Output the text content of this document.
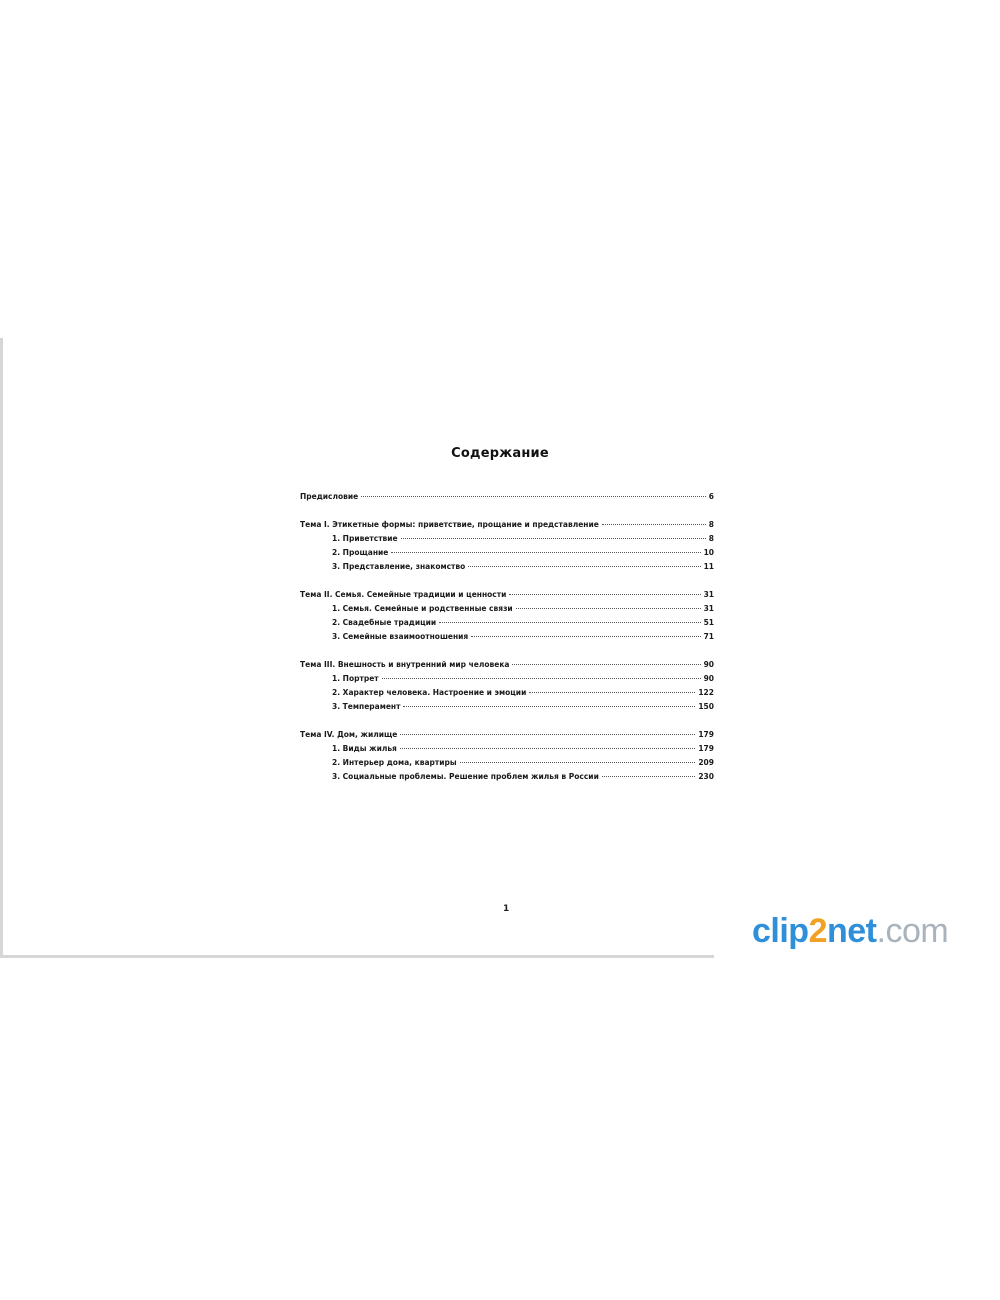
Содержание
Предисловие	6
Тема I. Этикетные формы: приветствие, прощание и представление	8
1. Приветствие	8
2. Прощание	10
3. Представление, знакомство	11
Тема II. Семья. Семейные традиции и ценности	31
1. Семья. Семейные и родственные связи	31
2. Свадебные традиции	51
3. Семейные взаимоотношения	71
Тема III. Внешность и внутренний мир человека	90
1. Портрет	90
2. Характер человека. Настроение и эмоции	122
3. Темперамент	150
Тема IV. Дом, жилище	179
1. Виды жилья	179
2. Интерьер дома, квартиры	209
3. Социальные проблемы. Решение проблем жилья в России	230
1
clip2net.com
